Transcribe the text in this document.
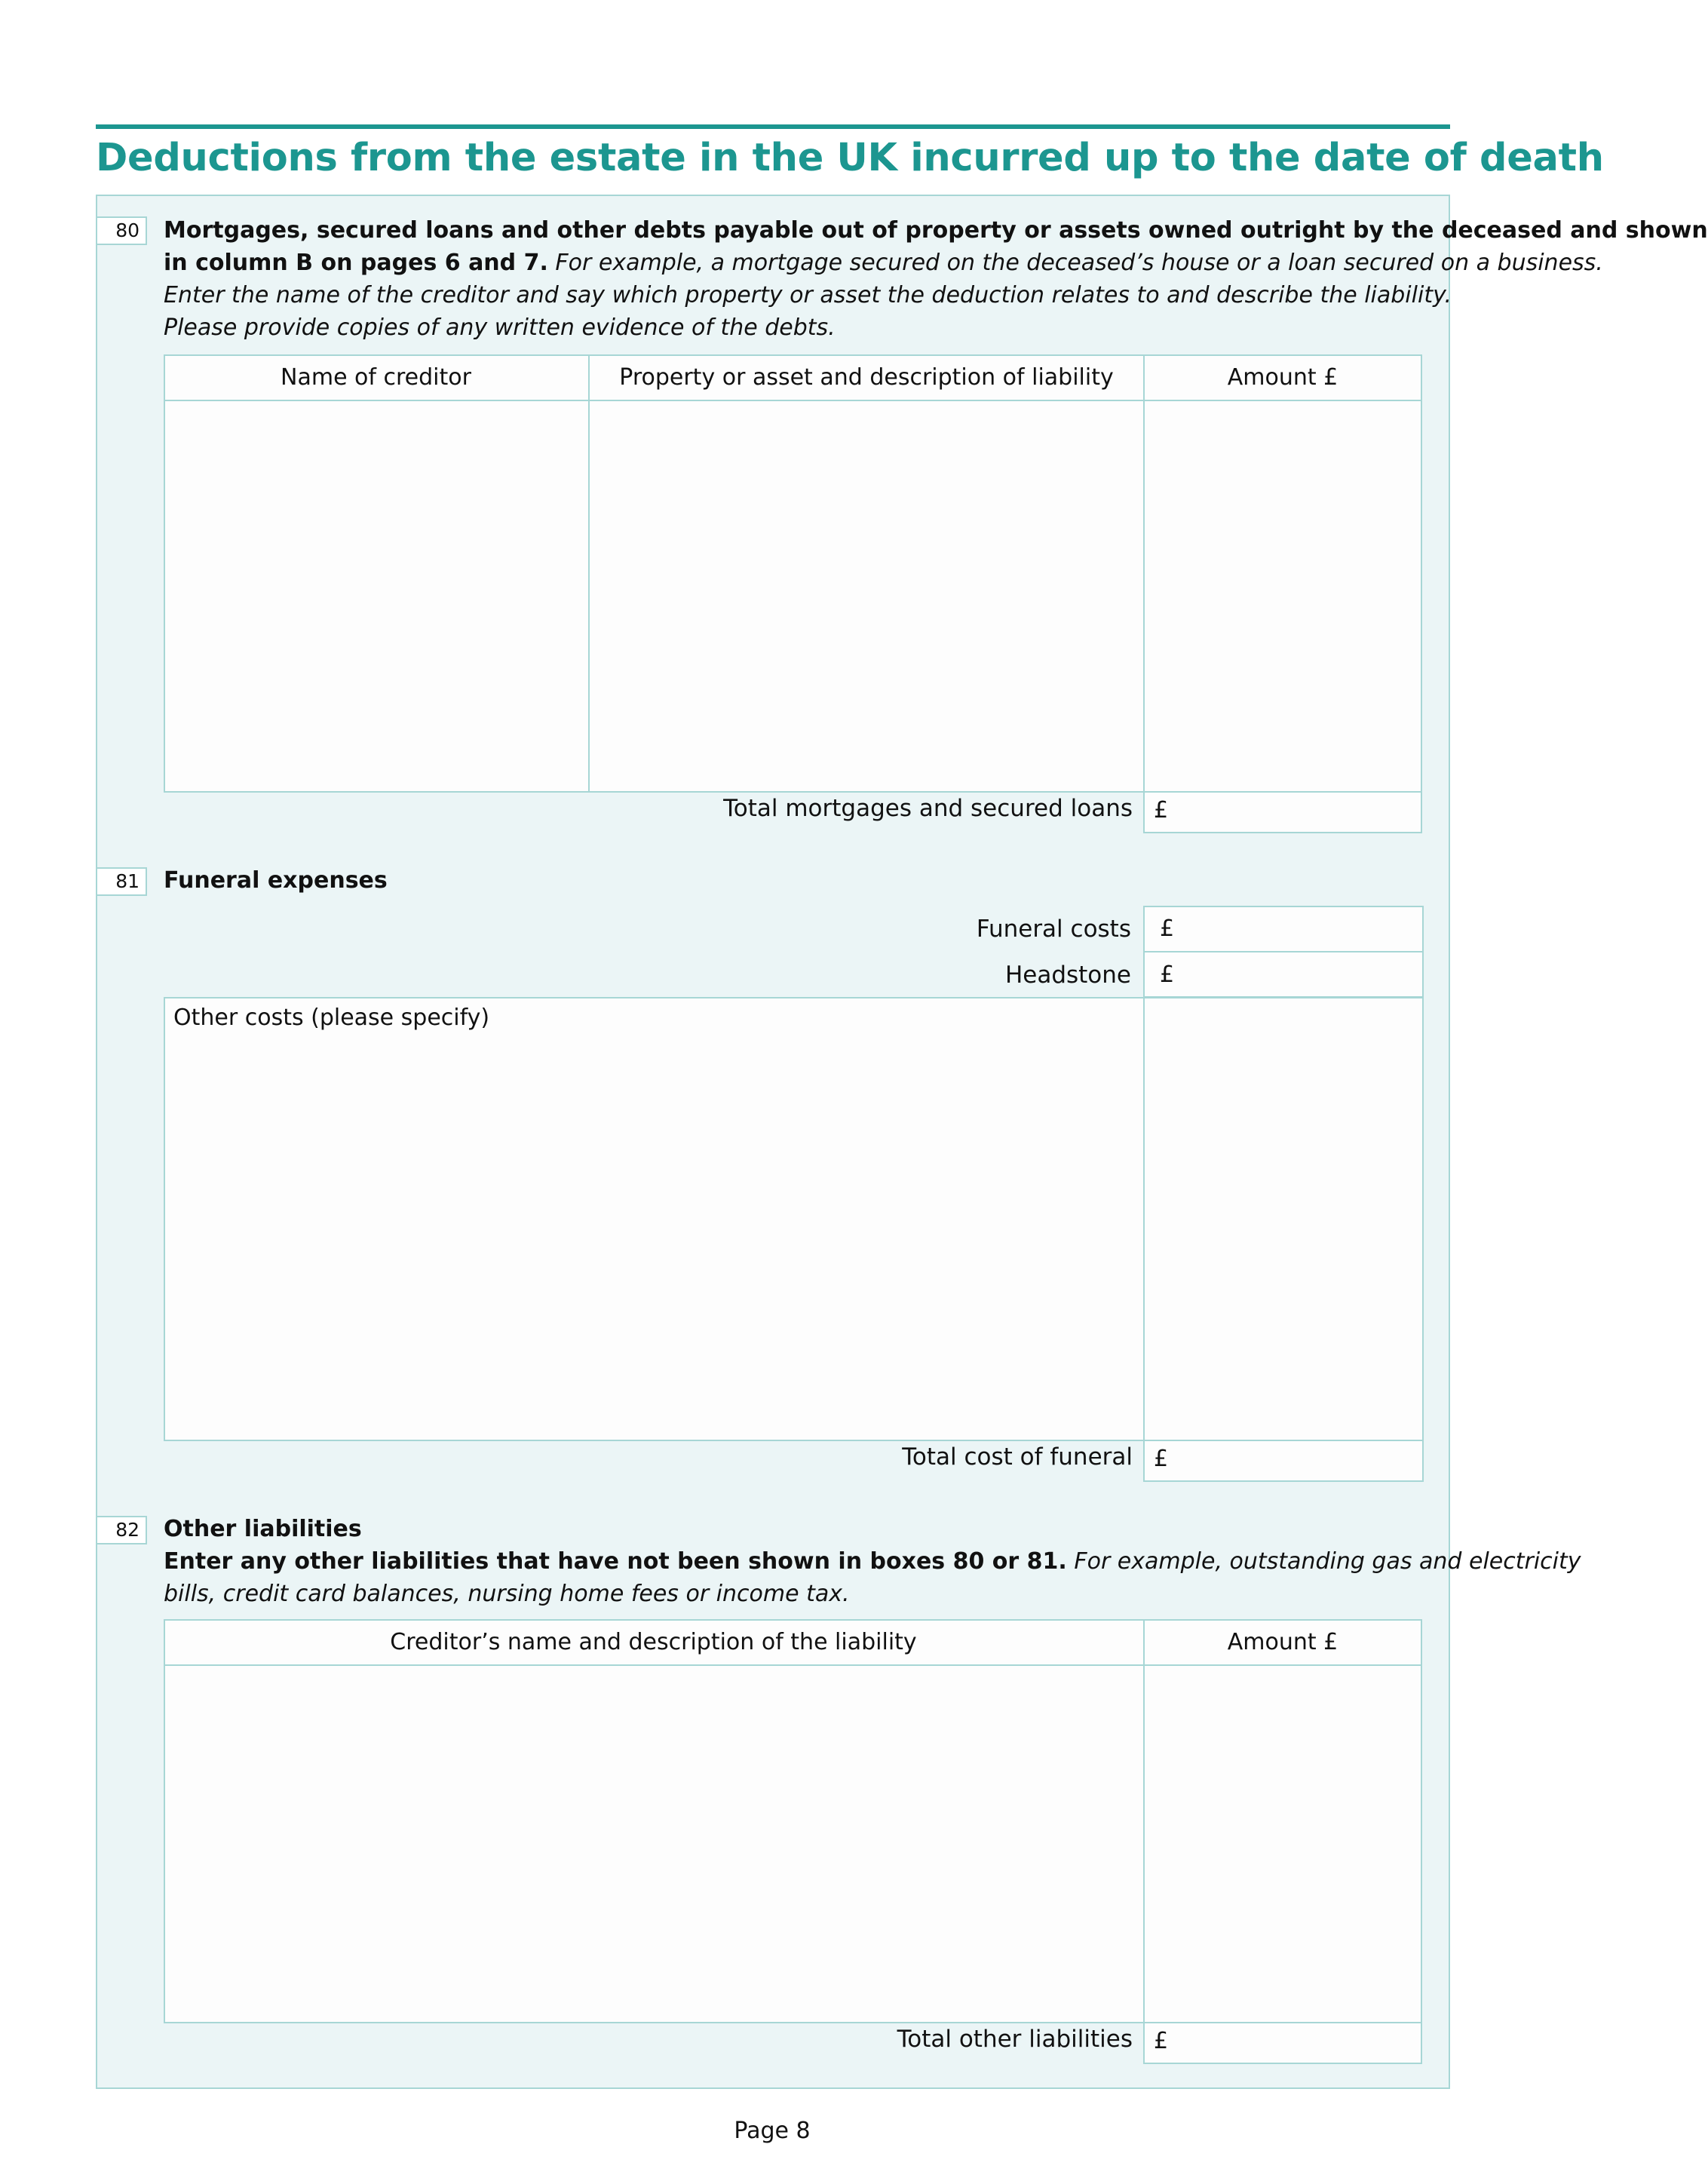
Deductions from the estate in the UK incurred up to the date of death
80	Mortgages, secured loans and other debts payable out of property or assets owned outright by the deceased and shown
in column B on pages 6 and 7. For example, a mortgage secured on the deceased’s house or a loan secured on a business.
Enter the name of the creditor and say which property or asset the deduction relates to and describe the liability.
Please provide copies of any written evidence of the debts.
Name of creditor	Property or asset and description of liability	Amount £
Total mortgages and secured loans £
81	Funeral expenses
Funeral costs £
Headstone £
Other costs (please specify)
Total cost of funeral £
82	Other liabilities
Enter any other liabilities that have not been shown in boxes 80 or 81. For example, outstanding gas and electricity
bills, credit card balances, nursing home fees or income tax.
Creditor’s name and description of the liability	Amount £
Total other liabilities £
Page 8
